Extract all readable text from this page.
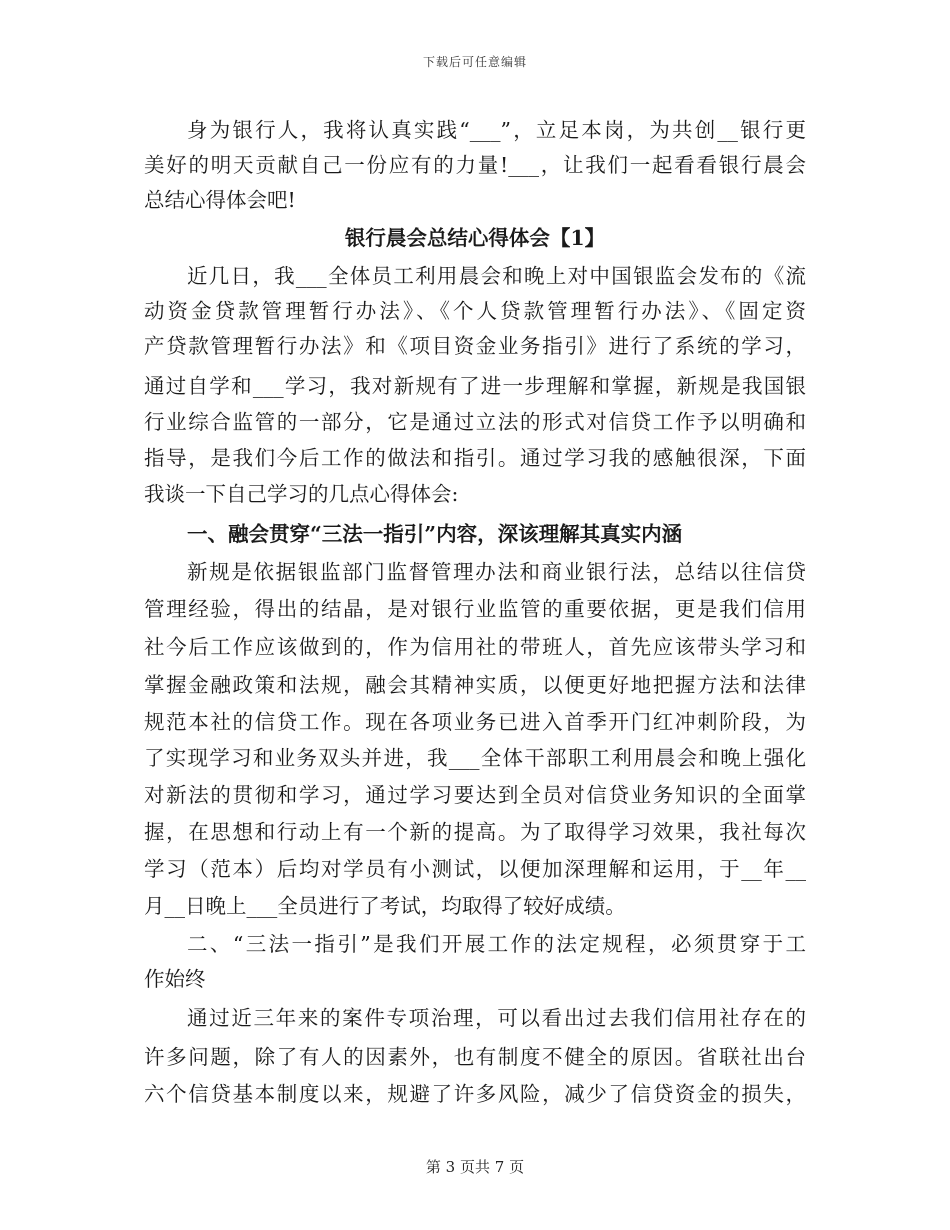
下载后可任意编辑
身为银行人，我将认真实践“___”，立足本岗，为共创__银行更
美好的明天贡献自己一份应有的力量!___，让我们一起看看银行晨会
总结心得体会吧!
银行晨会总结心得体会【1】
近几日，我___全体员工利用晨会和晚上对中国银监会发布的《流
动资金贷款管理暂行办法》、《个人贷款管理暂行办法》、《固定资
产贷款管理暂行办法》和《项目资金业务指引》进行了系统的学习，
通过自学和___学习，我对新规有了进一步理解和掌握，新规是我国银
行业综合监管的一部分，它是通过立法的形式对信贷工作予以明确和
指导，是我们今后工作的做法和指引。通过学习我的感触很深，下面
我谈一下自己学习的几点心得体会:
一、融会贯穿“三法一指引”内容，深该理解其真实内涵
新规是依据银监部门监督管理办法和商业银行法，总结以往信贷
管理经验，得出的结晶，是对银行业监管的重要依据，更是我们信用
社今后工作应该做到的，作为信用社的带班人，首先应该带头学习和
掌握金融政策和法规，融会其精神实质，以便更好地把握方法和法律
规范本社的信贷工作。现在各项业务已进入首季开门红冲刺阶段，为
了实现学习和业务双头并进，我___全体干部职工利用晨会和晚上强化
对新法的贯彻和学习，通过学习要达到全员对信贷业务知识的全面掌
握，在思想和行动上有一个新的提高。为了取得学习效果，我社每次
学习（范本）后均对学员有小测试，以便加深理解和运用，于__年__
月__日晚上___全员进行了考试，均取得了较好成绩。
二、“三法一指引”是我们开展工作的法定规程，必须贯穿于工
作始终
通过近三年来的案件专项治理，可以看出过去我们信用社存在的
许多问题，除了有人的因素外，也有制度不健全的原因。省联社出台
六个信贷基本制度以来，规避了许多风险，减少了信贷资金的损失，
第 3 页共 7 页
